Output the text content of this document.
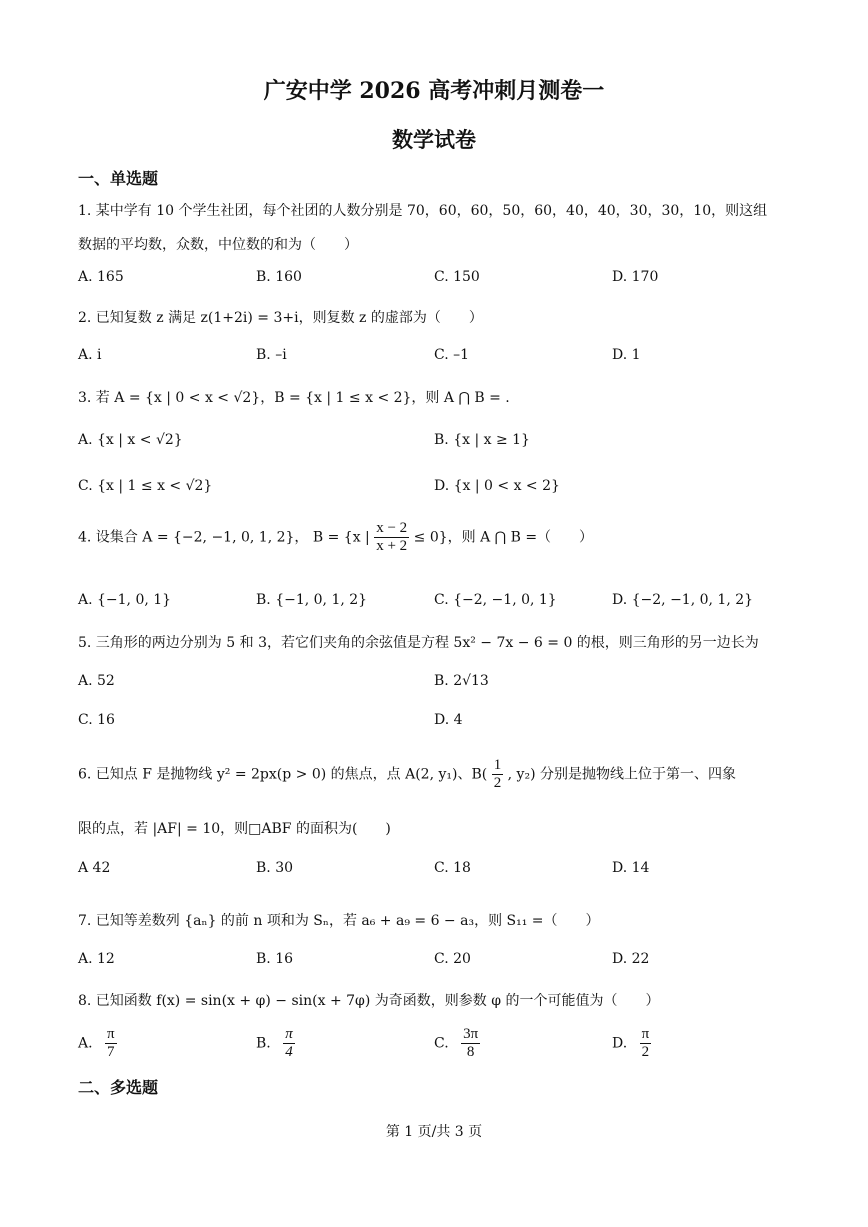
广安中学 2026 高考冲刺月测卷一
数学试卷
一、单选题
1. 某中学有 10 个学生社团，每个社团的人数分别是 70，60，60，50，60，40，40，30，30，10，则这组
数据的平均数，众数，中位数的和为（　　）
A. 165	B. 160	C. 150	D. 170
2. 已知复数 z 满足 z(1+2i) = 3+i，则复数 z 的虚部为（　　）
A. i	B. –i	C. –1	D. 1
3. 若 A = {x | 0 < x < √2}，B = {x | 1 ≤ x < 2}，则 A ⋂ B = .
A. {x | x < √2}	B. {x | x ≥ 1}
C. {x | 1 ≤ x < √2}	D. {x | 0 < x < 2}
4. 设集合 A = {−2, −1, 0, 1, 2}， B = {x | $\frac{x - 2}{x + 2} \le 0$}，则 A ⋂ B =（　　）
A. {−1, 0, 1}	B. {−1, 0, 1, 2}	C. {−2, −1, 0, 1}	D. {−2, −1, 0, 1, 2}
5. 三角形的两边分别为 5 和 3，若它们夹角的余弦值是方程 5x² − 7x − 6 = 0 的根，则三角形的另一边长为
A. 52	B. 2√13
C. 16	D. 4
6. 已知点 F 是抛物线 y² = 2px(p > 0) 的焦点，点 A(2, y₁)、$B( \frac{1}{2}$ , y₂) 分别是抛物线上位于第一、四象
限的点，若 |AF| = 10，则□ABF 的面积为(　　)
A 42	B. 30	C. 18	D. 14
7. 已知等差数列 {aₙ} 的前 n 项和为 Sₙ，若 a₆ + a₉ = 6 − a₃，则 S₁₁ =（　　）
A. 12	B. 16	C. 20	D. 22
8. 已知函数 f(x) = sin(x + φ) − sin(x + 7φ) 为奇函数，则参数 φ 的一个可能值为（　　）
A. $\frac{\pi}{7}$	B. $\frac{\pi}{4}$	C. $\frac{3\pi}{8}$	D. $\frac{\pi}{2}$
二、多选题
第 1 页/共 3 页
